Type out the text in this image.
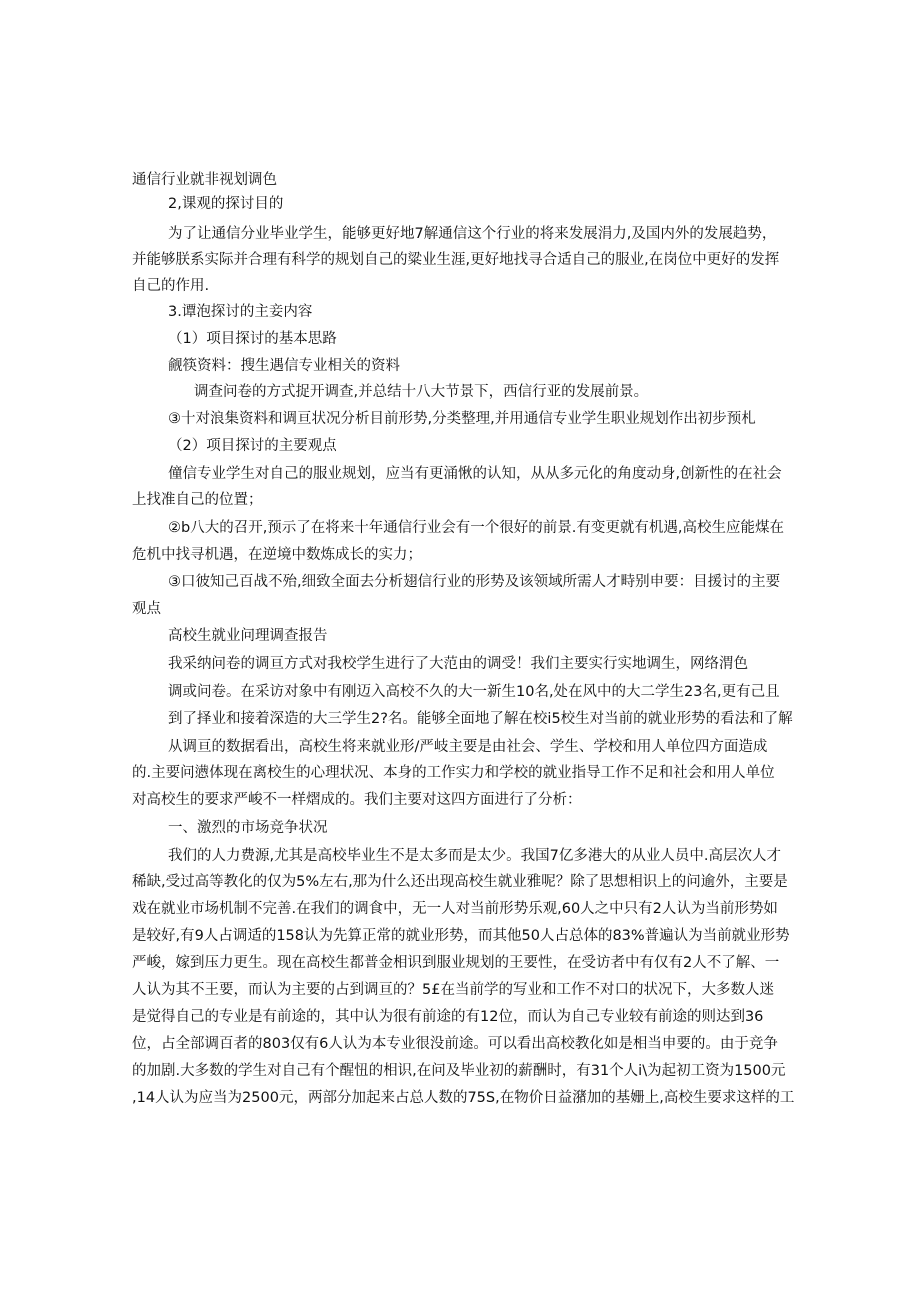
通信行业就非视划调色
2,课观的探讨目的
为了让通信分业毕业学生，能够更好地7解通信这个行业的将来发展涓力,及国内外的发展趋势，
并能够朕系实际并合理有科学的规划自己的粱业生涯,更好地找寻合适自己的服业,在岗位中更好的发挥
自己的作用.
3.谭泡探讨的主妾内容
（1）项目探讨的基本思路
觎筷资料：搜生遇信专业相关的资料
调查问卷的方式捉开调查,并总结十八大节景下，西信行亚的发展前景。
③十对浪集资料和调亘状况分析目前形势,分类整理,并用通信专业学生职业规划作出初步预札
（2）项目探讨的主要观点
僮信专业学生对自己的服业规划，应当有更涌愀的认知，从从多元化的角度动身,创新性的在社会
上找准自己的位置；
②b八大的召开,预示了在将来十年通信行业会有一个很好的前景.有变更就有机遇,高校生应能煤在
危机中找寻机遇，在逆境中数炼成长的实力；
③口彼知己百战不殆,细致全面去分析翅信行业的形势及该领域所需人才畤别申要：目援讨的主要
观点
高校生就业问理调查报告
我采纳问卷的调亘方式对我校学生进行了大范由的调受！我们主要实行实地调生，网络渭色
调或问卷。在采访对象中有刚迈入高校不久的大一新生10名,处在风中的大二学生23名,更有己且
到了择业和接着深造的大三学生2?名。能够全面地了解在校i5校生对当前的就业形势的看法和了解
从调亘的数据看出，高校生将来就业形/严岐主要是由社会、学生、学校和用人单位四方面造成
的.主要问懑体现在离校生的心理状况、本身的工作实力和学校的就业指导工作不足和社会和用人单位
对高校生的要求严峻不一样熠成的。我们主要对这四方面进行了分析：
一、激烈的市场竞争状况
我们的人力费源,尤其是高校毕业生不是太多而是太少。我国7亿多港大的从业人员中.高层次人才
稀缺,受过高等教化的仅为5%左右,那为什么还出现高校生就业雅呢？除了思想相识上的问逾外，主要是
戏在就业市场机制不完善.在我们的调食中，无一人对当前形势乐观,60人之中只有2人认为当前形势如
是较好,有9人占调适的158认为先算正常的就业形势，而其他50人占总体的83%普遍认为当前就业形势
严峻，嫁到压力更生。现在高校生都普金相识到服业规划的王要性，在受访者中有仅有2人不了解、一
人认为其不王要，而认为主要的占到调亘的？5£在当前学的写业和工作不对口的状况下，大多数人迷
是觉得自己的专业是有前途的，其中认为很有前途的有12位，而认为自己专业较有前途的则达到36
位，占全部调百者的803仅有6人认为本专业很没前途。可以看出高校教化如是相当申要的。由于竞争
的加剧.大多数的学生对自己有个醒忸的相识,在问及毕业初的薪酬时，有31个人i\为起初工资为1500元
,14人认为应当为2500元，两部分加起来占总人数的75S,在物价日益潴加的基姗上,高校生要求这样的工
